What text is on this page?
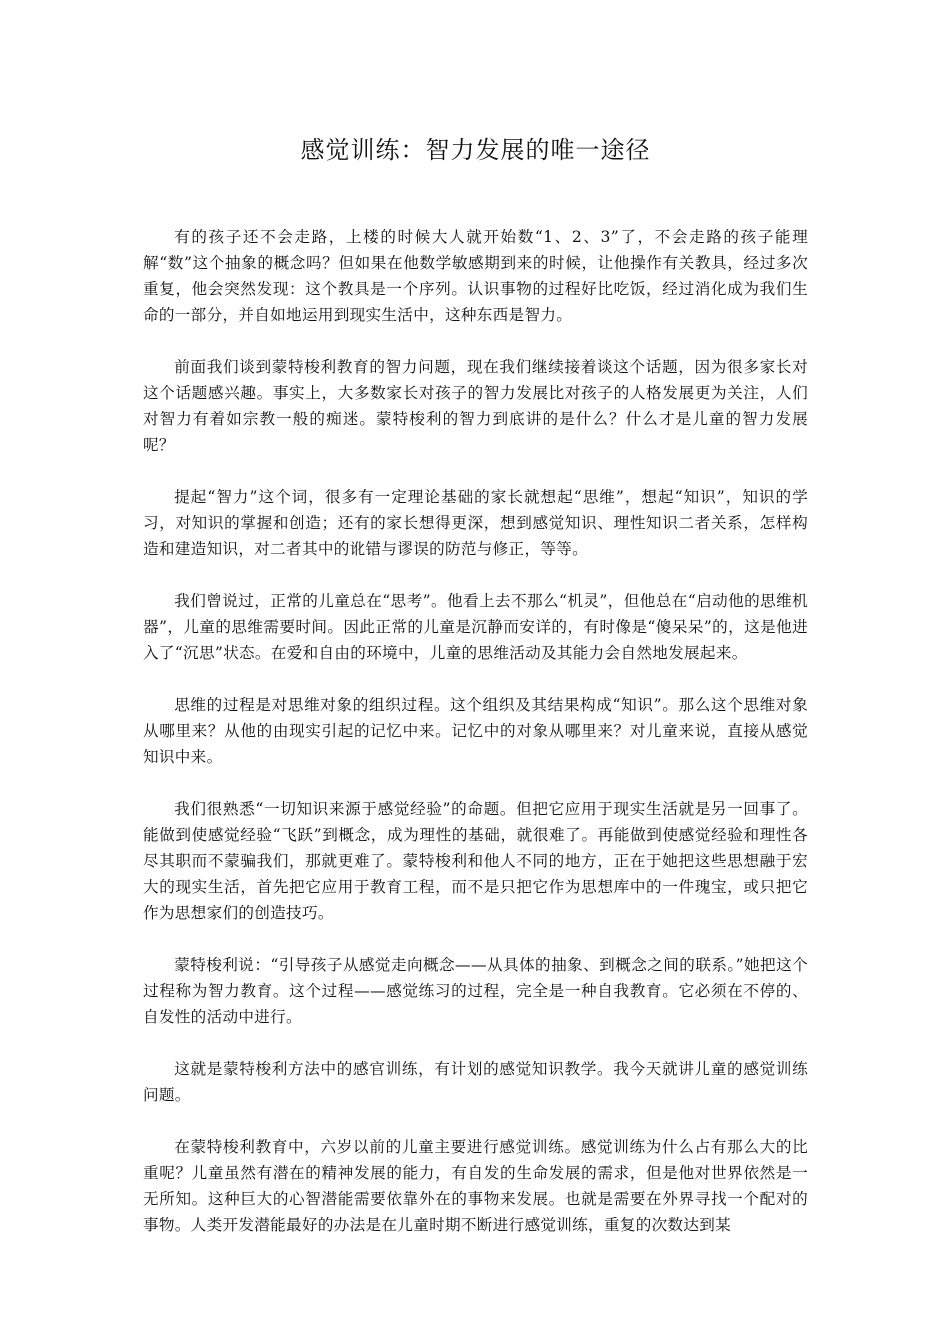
感觉训练：智力发展的唯一途径

有的孩子还不会走路，上楼的时候大人就开始数“1、2、3”了，不会走路的孩子能理解“数”这个抽象的概念吗？但如果在他数学敏感期到来的时候，让他操作有关教具，经过多次重复，他会突然发现：这个教具是一个序列。认识事物的过程好比吃饭，经过消化成为我们生命的一部分，并自如地运用到现实生活中，这种东西是智力。

前面我们谈到蒙特梭利教育的智力问题，现在我们继续接着谈这个话题，因为很多家长对这个话题感兴趣。事实上，大多数家长对孩子的智力发展比对孩子的人格发展更为关注，人们对智力有着如宗教一般的痴迷。蒙特梭利的智力到底讲的是什么？什么才是儿童的智力发展呢？

提起“智力”这个词，很多有一定理论基础的家长就想起“思维”，想起“知识”，知识的学习，对知识的掌握和创造；还有的家长想得更深，想到感觉知识、理性知识二者关系，怎样构造和建造知识，对二者其中的讹错与谬误的防范与修正，等等。

我们曾说过，正常的儿童总在“思考”。他看上去不那么“机灵”，但他总在“启动他的思维机器”，儿童的思维需要时间。因此正常的儿童是沉静而安详的，有时像是“傻呆呆”的，这是他进入了“沉思”状态。在爱和自由的环境中，儿童的思维活动及其能力会自然地发展起来。

思维的过程是对思维对象的组织过程。这个组织及其结果构成“知识”。那么这个思维对象从哪里来？从他的由现实引起的记忆中来。记忆中的对象从哪里来？对儿童来说，直接从感觉知识中来。

我们很熟悉“一切知识来源于感觉经验”的命题。但把它应用于现实生活就是另一回事了。能做到使感觉经验“飞跃”到概念，成为理性的基础，就很难了。再能做到使感觉经验和理性各尽其职而不蒙骗我们，那就更难了。蒙特梭利和他人不同的地方，正在于她把这些思想融于宏大的现实生活，首先把它应用于教育工程，而不是只把它作为思想库中的一件瑰宝，或只把它作为思想家们的创造技巧。

蒙特梭利说：“引导孩子从感觉走向概念——从具体的抽象、到概念之间的联系。”她把这个过程称为智力教育。这个过程——感觉练习的过程，完全是一种自我教育。它必须在不停的、自发性的活动中进行。

这就是蒙特梭利方法中的感官训练，有计划的感觉知识教学。我今天就讲儿童的感觉训练问题。

在蒙特梭利教育中，六岁以前的儿童主要进行感觉训练。感觉训练为什么占有那么大的比重呢？儿童虽然有潜在的精神发展的能力，有自发的生命发展的需求，但是他对世界依然是一无所知。这种巨大的心智潜能需要依靠外在的事物来发展。也就是需要在外界寻找一个配对的事物。人类开发潜能最好的办法是在儿童时期不断进行感觉训练，重复的次数达到某
